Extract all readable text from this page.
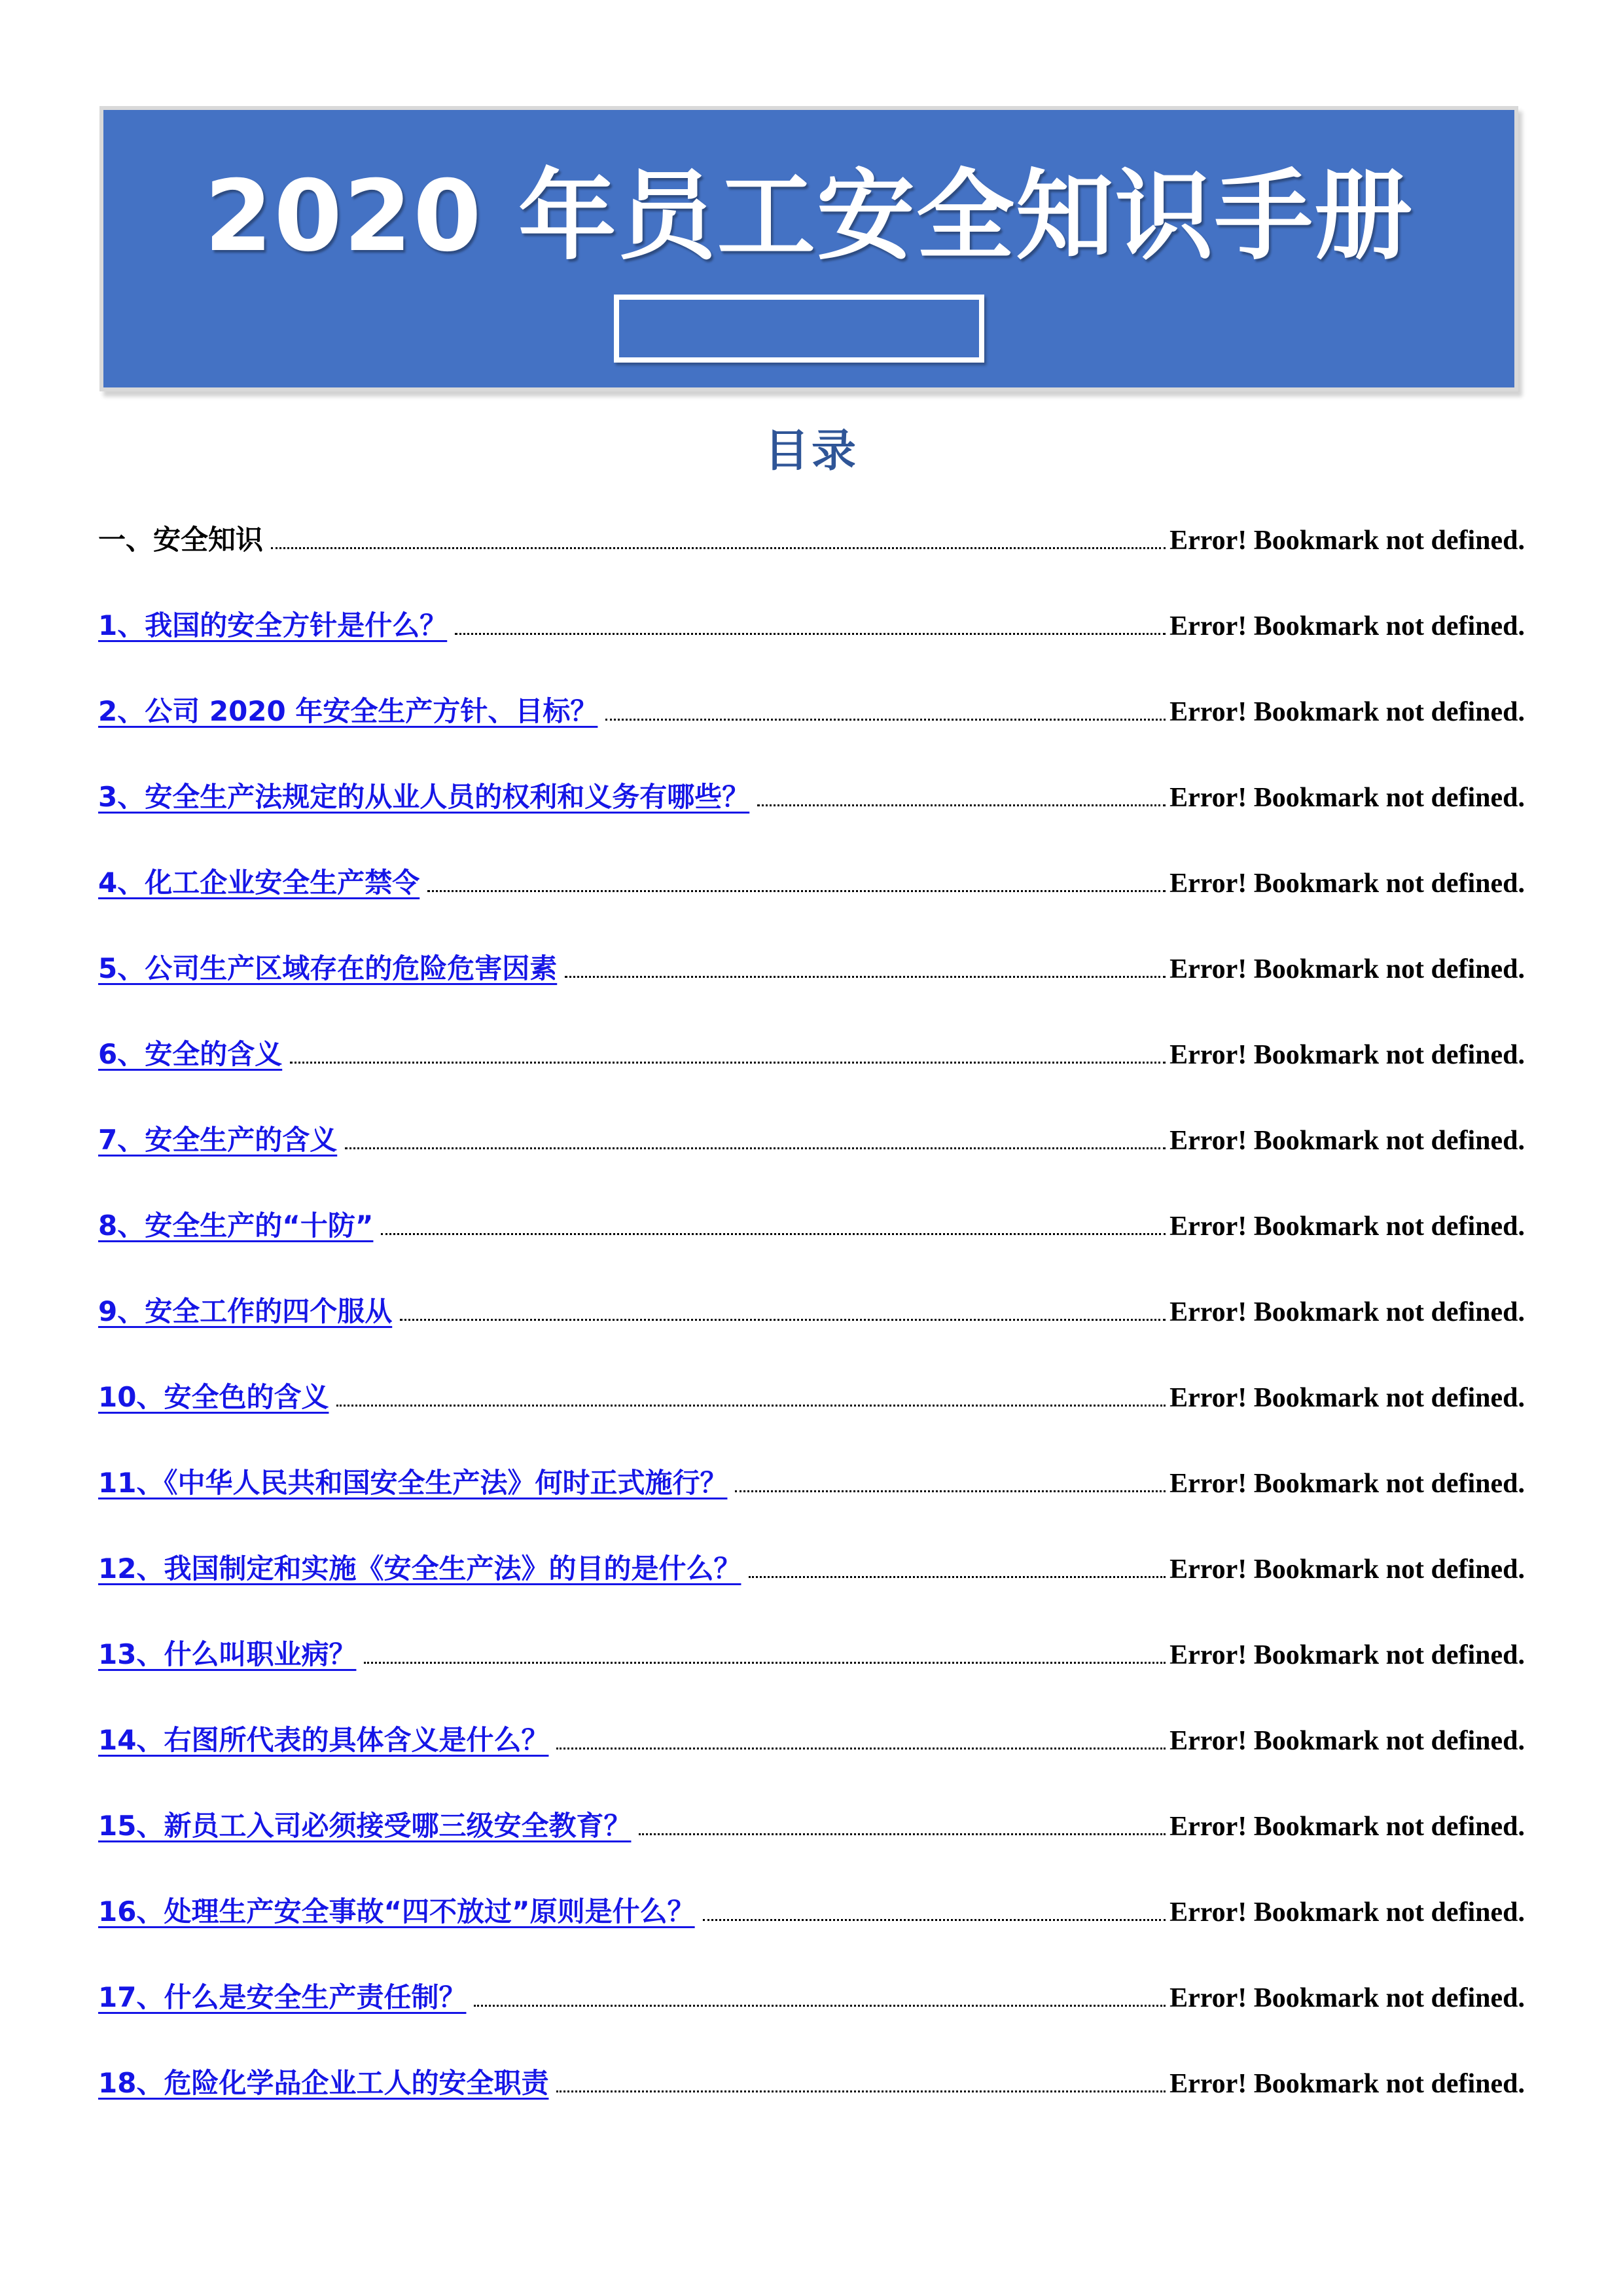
2020 年员工安全知识手册
目录
一、安全知识	Error! Bookmark not defined.
1、我国的安全方针是什么？	Error! Bookmark not defined.
2、公司 2020 年安全生产方针、目标？	Error! Bookmark not defined.
3、安全生产法规定的从业人员的权利和义务有哪些？	Error! Bookmark not defined.
4、化工企业安全生产禁令	Error! Bookmark not defined.
5、公司生产区域存在的危险危害因素	Error! Bookmark not defined.
6、安全的含义	Error! Bookmark not defined.
7、安全生产的含义	Error! Bookmark not defined.
8、安全生产的“十防”	Error! Bookmark not defined.
9、安全工作的四个服从	Error! Bookmark not defined.
10、安全色的含义	Error! Bookmark not defined.
11、《中华人民共和国安全生产法》何时正式施行？	Error! Bookmark not defined.
12、我国制定和实施《安全生产法》的目的是什么？	Error! Bookmark not defined.
13、什么叫职业病？	Error! Bookmark not defined.
14、右图所代表的具体含义是什么？	Error! Bookmark not defined.
15、新员工入司必须接受哪三级安全教育？	Error! Bookmark not defined.
16、处理生产安全事故“四不放过”原则是什么？	Error! Bookmark not defined.
17、什么是安全生产责任制？	Error! Bookmark not defined.
18、危险化学品企业工人的安全职责	Error! Bookmark not defined.
